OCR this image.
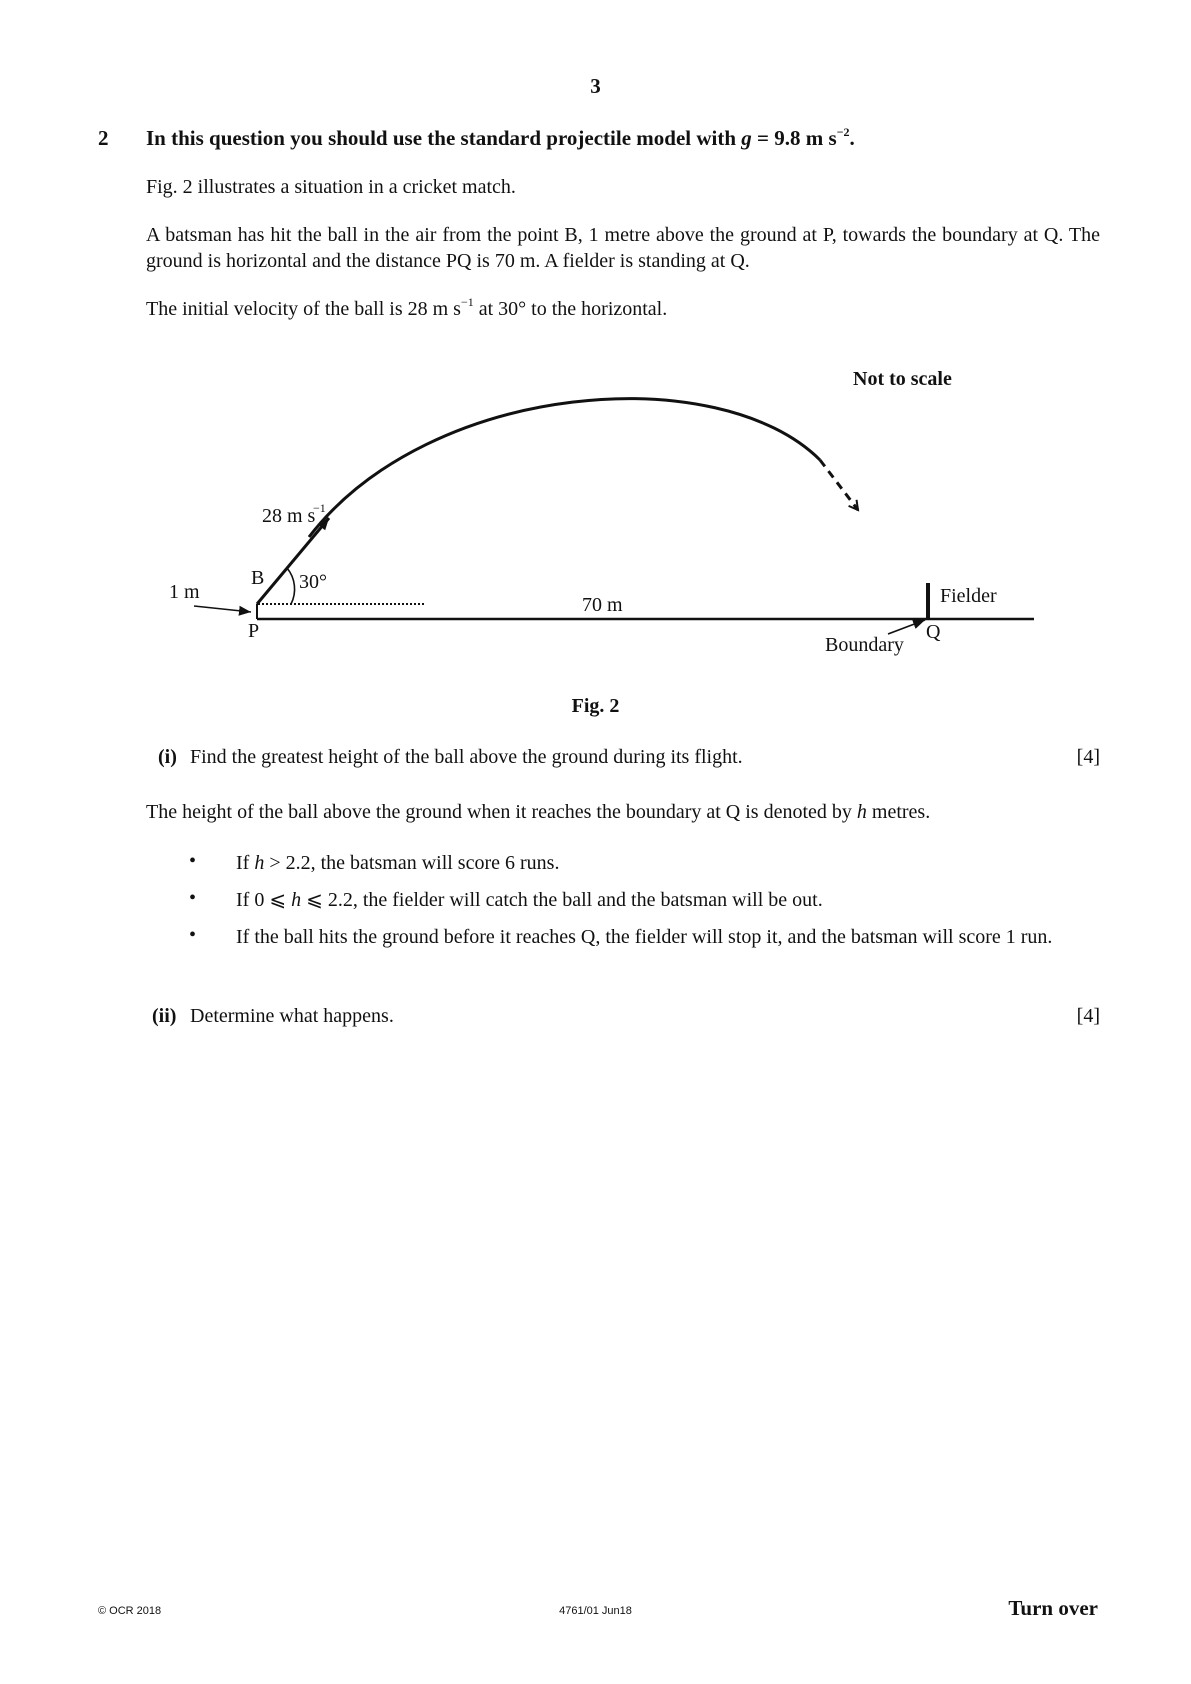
3
2 In this question you should use the standard projectile model with g = 9.8 m $s^{-2}$.
Fig. 2 illustrates a situation in a cricket match.
A batsman has hit the ball in the air from the point B, 1 metre above the ground at P, towards the boundary at Q. The ground is horizontal and the distance PQ is 70 m. A fielder is standing at Q.
The initial velocity of the ball is 28 m $s^{-1}$ at 30° to the horizontal.
Not to scale
28 m s
−1
30°
B
1 m
P
70 m	Fielder
Q
Boundary
Fig. 2
(i) Find the greatest height of the ball above the ground during its flight.	[4]
The height of the ball above the ground when it reaches the boundary at Q is denoted by h metres.
• If h > 2.2, the batsman will score 6 runs.
• If 0 ⩽ h ⩽ 2.2, the fielder will catch the ball and the batsman will be out.
• If the ball hits the ground before it reaches Q, the fielder will stop it, and the batsman will score 1 run.
(ii) Determine what happens.	[4]
© OCR 2018	4761/01 Jun18	Turn over
